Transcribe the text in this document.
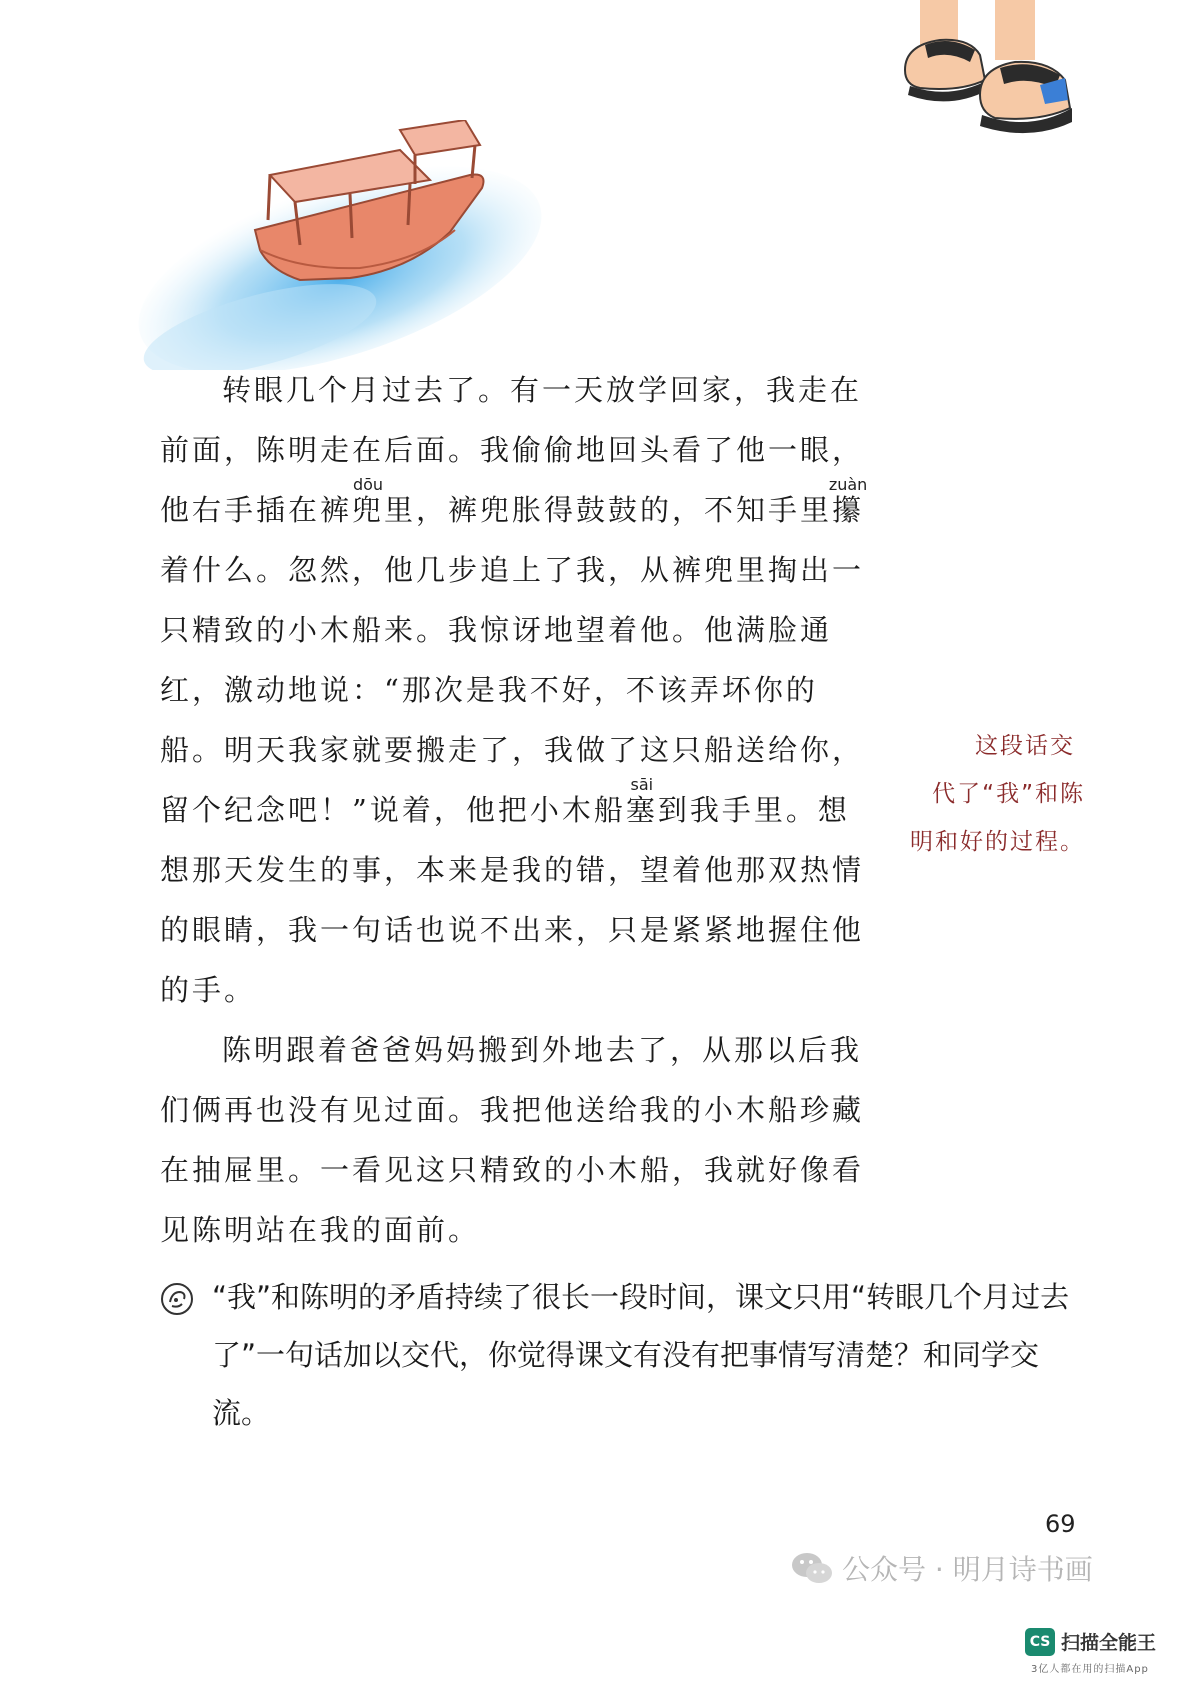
转眼几个月过去了。有一天放学回家，我走在前面，陈明走在后面。我偷偷地回头看了他一眼，他右手插在裤兜dōu里，裤兜胀得鼓鼓的，不知手里攥zuàn着什么。忽然，他几步追上了我，从裤兜里掏出一只精致的小木船来。我惊讶地望着他。他满脸通红，激动地说：“那次是我不好，不该弄坏你的船。明天我家就要搬走了，我做了这只船送给你，留个纪念吧！”说着，他把小木船塞sāi到我手里。想想那天发生的事，本来是我的错，望着他那双热情的眼睛，我一句话也说不出来，只是紧紧地握住他的手。

陈明跟着爸爸妈妈搬到外地去了，从那以后我们俩再也没有见过面。我把他送给我的小木船珍藏在抽屉里。一看见这只精致的小木船，我就好像看见陈明站在我的面前。

这段话交

代了“我”和陈

明和好的过程。

“我”和陈明的矛盾持续了很长一段时间，课文只用“转眼几个月过去了”一句话加以交代，你觉得课文有没有把事情写清楚？和同学交流。
69
公众号 · 明月诗书画
CS 扫描全能王
3亿人都在用的扫描App
